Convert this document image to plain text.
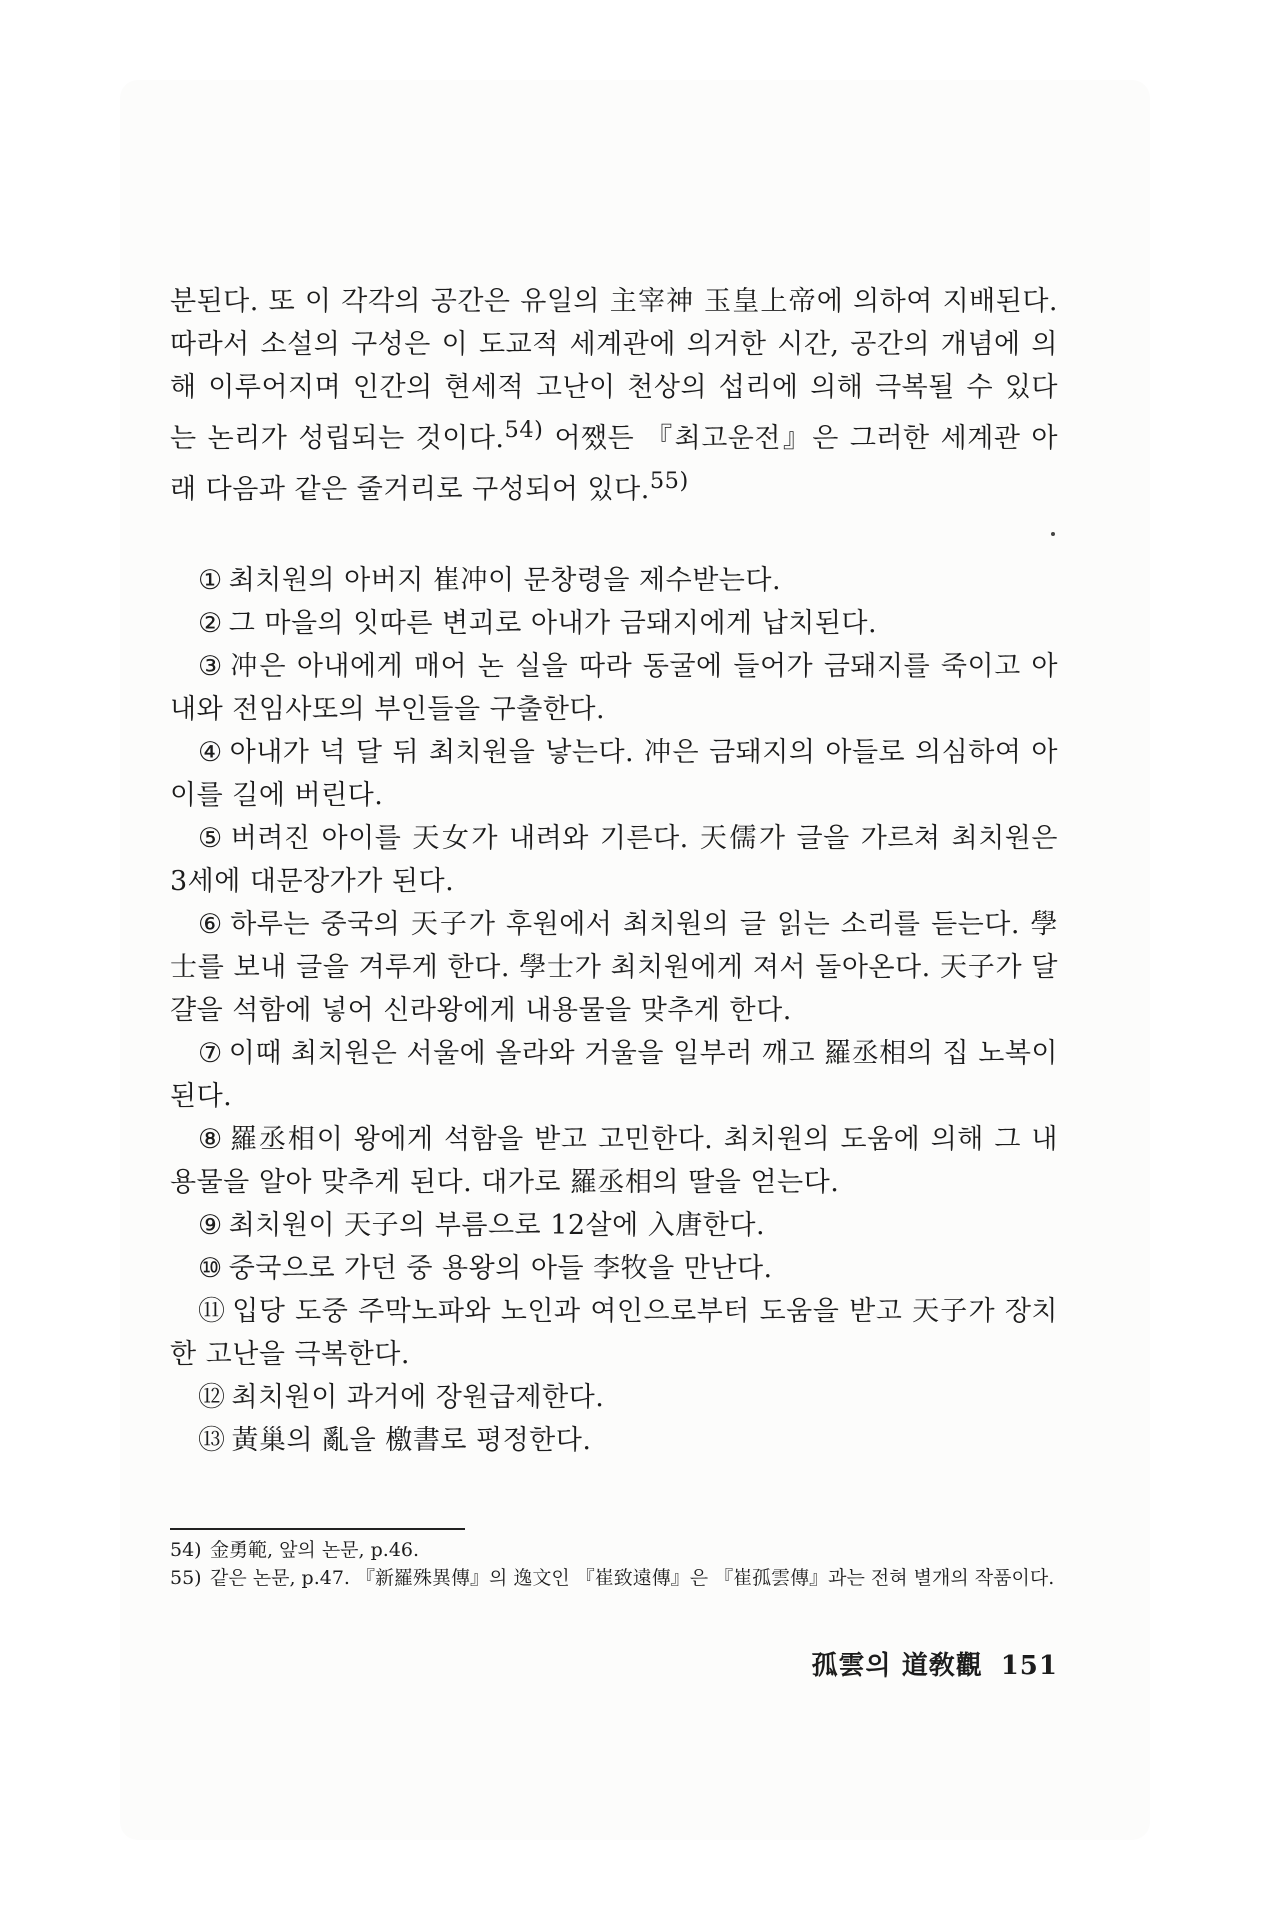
분된다. 또 이 각각의 공간은 유일의 主宰神 玉皇上帝에 의하여 지배된다. 따라서 소설의 구성은 이 도교적 세계관에 의거한 시간, 공간의 개념에 의해 이루어지며 인간의 현세적 고난이 천상의 섭리에 의해 극복될 수 있다는 논리가 성립되는 것이다.$^{54)}$ 어쨌든 『최고운전』은 그러한 세계관 아래 다음과 같은 줄거리로 구성되어 있다.$^{55)}$

① 최치원의 아버지 崔冲이 문창령을 제수받는다.
② 그 마을의 잇따른 변괴로 아내가 금돼지에게 납치된다.
③ 冲은 아내에게 매어 논 실을 따라 동굴에 들어가 금돼지를 죽이고 아내와 전임사또의 부인들을 구출한다.
④ 아내가 넉 달 뒤 최치원을 낳는다. 冲은 금돼지의 아들로 의심하여 아이를 길에 버린다.
⑤ 버려진 아이를 天女가 내려와 기른다. 天儒가 글을 가르쳐 최치원은 3세에 대문장가가 된다.
⑥ 하루는 중국의 天子가 후원에서 최치원의 글 읽는 소리를 듣는다. 學士를 보내 글을 겨루게 한다. 學士가 최치원에게 져서 돌아온다. 天子가 달걀을 석함에 넣어 신라왕에게 내용물을 맞추게 한다.
⑦ 이때 최치원은 서울에 올라와 거울을 일부러 깨고 羅丞相의 집 노복이 된다.
⑧ 羅丞相이 왕에게 석함을 받고 고민한다. 최치원의 도움에 의해 그 내용물을 알아 맞추게 된다. 대가로 羅丞相의 딸을 얻는다.
⑨ 최치원이 天子의 부름으로 12살에 入唐한다.
⑩ 중국으로 가던 중 용왕의 아들 李牧을 만난다.
⑪ 입당 도중 주막노파와 노인과 여인으로부터 도움을 받고 天子가 장치한 고난을 극복한다.
⑫ 최치원이 과거에 장원급제한다.
⑬ 黃巢의 亂을 檄書로 평정한다.

54) 金勇範, 앞의 논문, p.46.

55) 같은 논문, p.47. 『新羅殊異傳』의 逸文인 『崔致遠傳』은 『崔孤雲傳』과는 전혀 별개의 작품이다.

孤雲의 道敎觀 151
